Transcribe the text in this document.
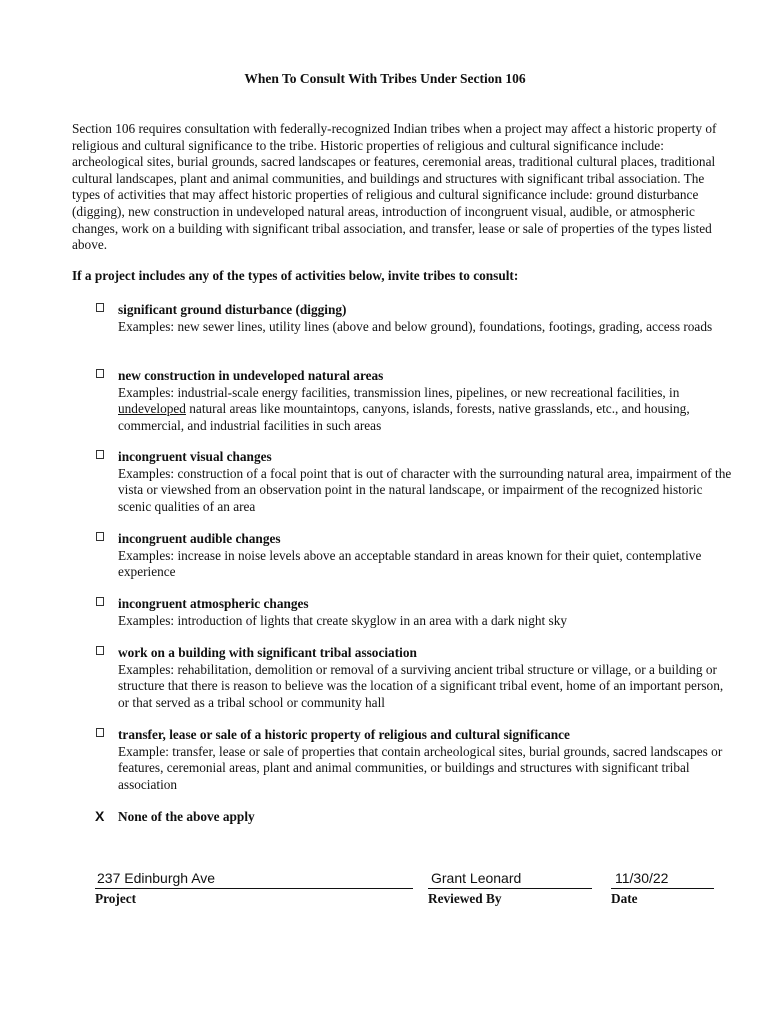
When To Consult With Tribes Under Section 106
Section 106 requires consultation with federally-recognized Indian tribes when a project may affect a historic property of religious and cultural significance to the tribe. Historic properties of religious and cultural significance include: archeological sites, burial grounds, sacred landscapes or features, ceremonial areas, traditional cultural places, traditional cultural landscapes, plant and animal communities, and buildings and structures with significant tribal association. The types of activities that may affect historic properties of religious and cultural significance include: ground disturbance (digging), new construction in undeveloped natural areas, introduction of incongruent visual, audible, or atmospheric changes, work on a building with significant tribal association, and transfer, lease or sale of properties of the types listed above.
If a project includes any of the types of activities below, invite tribes to consult:
significant ground disturbance (digging)
Examples: new sewer lines, utility lines (above and below ground), foundations, footings, grading, access roads
new construction in undeveloped natural areas
Examples: industrial-scale energy facilities, transmission lines, pipelines, or new recreational facilities, in undeveloped natural areas like mountaintops, canyons, islands, forests, native grasslands, etc., and housing, commercial, and industrial facilities in such areas
incongruent visual changes
Examples: construction of a focal point that is out of character with the surrounding natural area, impairment of the vista or viewshed from an observation point in the natural landscape, or impairment of the recognized historic scenic qualities of an area
incongruent audible changes
Examples: increase in noise levels above an acceptable standard in areas known for their quiet, contemplative experience
incongruent atmospheric changes
Examples: introduction of lights that create skyglow in an area with a dark night sky
work on a building with significant tribal association
Examples: rehabilitation, demolition or removal of a surviving ancient tribal structure or village, or a building or structure that there is reason to believe was the location of a significant tribal event, home of an important person, or that served as a tribal school or community hall
transfer, lease or sale of a historic property of religious and cultural significance
Example: transfer, lease or sale of properties that contain archeological sites, burial grounds, sacred landscapes or features, ceremonial areas, plant and animal communities, or buildings and structures with significant tribal association
X None of the above apply
237 Edinburgh Ave
Project
Grant Leonard
Reviewed By
11/30/22
Date
